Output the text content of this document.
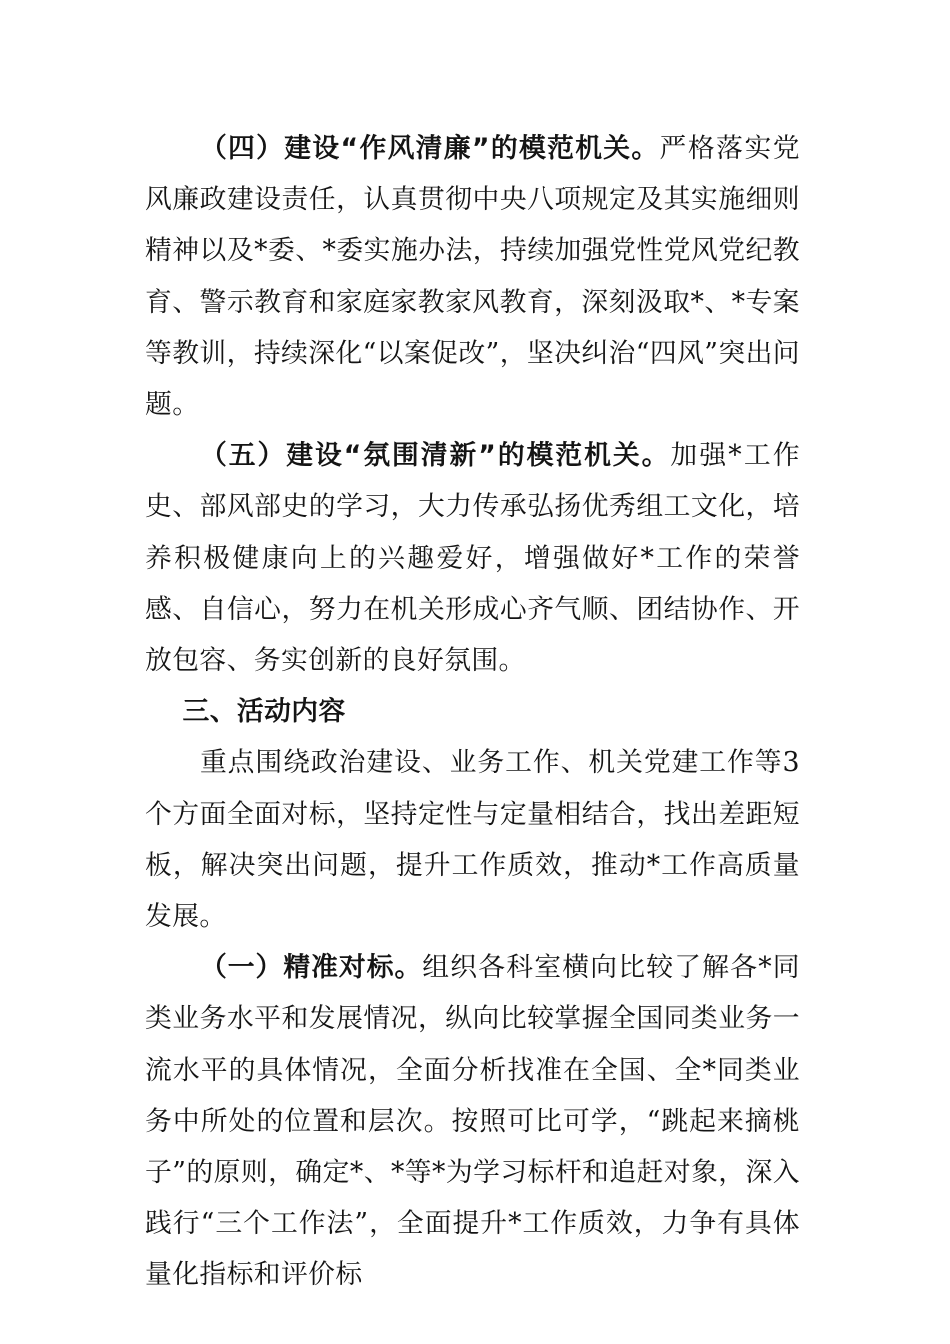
（四）建设“作风清廉”的模范机关。严格落实党风廉政建设责任，认真贯彻中央八项规定及其实施细则精神以及*委、*委实施办法，持续加强党性党风党纪教育、警示教育和家庭家教家风教育，深刻汲取*、*专案等教训，持续深化“以案促改”，坚决纠治“四风”突出问题。

（五）建设“氛围清新”的模范机关。加强*工作史、部风部史的学习，大力传承弘扬优秀组工文化，培养积极健康向上的兴趣爱好，增强做好*工作的荣誉感、自信心，努力在机关形成心齐气顺、团结协作、开放包容、务实创新的良好氛围。

三、活动内容

重点围绕政治建设、业务工作、机关党建工作等3个方面全面对标，坚持定性与定量相结合，找出差距短板，解决突出问题，提升工作质效，推动*工作高质量发展。

（一）精准对标。组织各科室横向比较了解各*同类业务水平和发展情况，纵向比较掌握全国同类业务一流水平的具体情况，全面分析找准在全国、全*同类业务中所处的位置和层次。按照可比可学，“跳起来摘桃子”的原则，确定*、*等*为学习标杆和追赶对象，深入践行“三个工作法”，全面提升*工作质效，力争有具体量化指标和评价标
